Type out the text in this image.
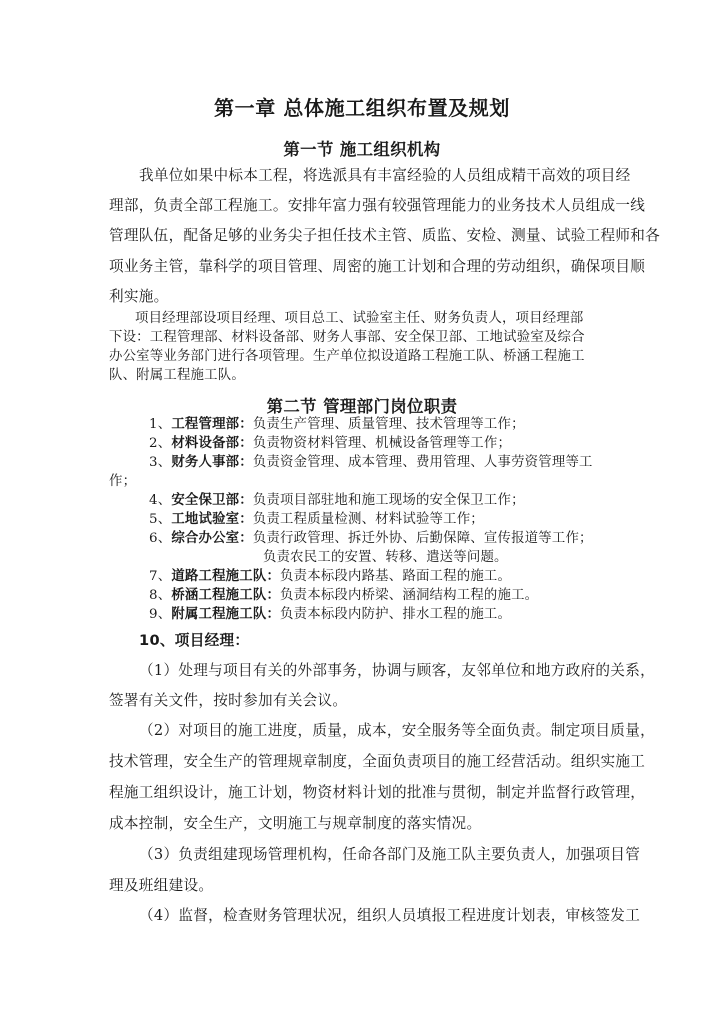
第一章 总体施工组织布置及规划
第一节 施工组织机构
我单位如果中标本工程，将选派具有丰富经验的人员组成精干高效的项目经
理部，负责全部工程施工。安排年富力强有较强管理能力的业务技术人员组成一线
管理队伍，配备足够的业务尖子担任技术主管、质监、安检、测量、试验工程师和各
项业务主管，靠科学的项目管理、周密的施工计划和合理的劳动组织，确保项目顺
利实施。
项目经理部设项目经理、项目总工、试验室主任、财务负责人，项目经理部
下设：工程管理部、材料设备部、财务人事部、安全保卫部、工地试验室及综合
办公室等业务部门进行各项管理。生产单位拟设道路工程施工队、桥涵工程施工
队、附属工程施工队。
第二节 管理部门岗位职责
1、工程管理部：负责生产管理、质量管理、技术管理等工作；
2、材料设备部：负责物资材料管理、机械设备管理等工作；
3、财务人事部：负责资金管理、成本管理、费用管理、人事劳资管理等工
作；
4、安全保卫部：负责项目部驻地和施工现场的安全保卫工作；
5、工地试验室：负责工程质量检测、材料试验等工作；
6、综合办公室：负责行政管理、拆迁外协、后勤保障、宣传报道等工作；
负责农民工的安置、转移、遣送等问题。
7、道路工程施工队：负责本标段内路基、路面工程的施工。
8、桥涵工程施工队：负责本标段内桥梁、涵洞结构工程的施工。
9、附属工程施工队：负责本标段内防护、排水工程的施工。
10、项目经理：
（1）处理与项目有关的外部事务，协调与顾客，友邻单位和地方政府的关系，
签署有关文件，按时参加有关会议。
（2）对项目的施工进度，质量，成本，安全服务等全面负责。制定项目质量，
技术管理，安全生产的管理规章制度，全面负责项目的施工经营活动。组织实施工
程施工组织设计，施工计划，物资材料计划的批准与贯彻，制定并监督行政管理，
成本控制，安全生产，文明施工与规章制度的落实情况。
（3）负责组建现场管理机构，任命各部门及施工队主要负责人，加强项目管
理及班组建设。
（4）监督，检查财务管理状况，组织人员填报工程进度计划表，审核签发工
